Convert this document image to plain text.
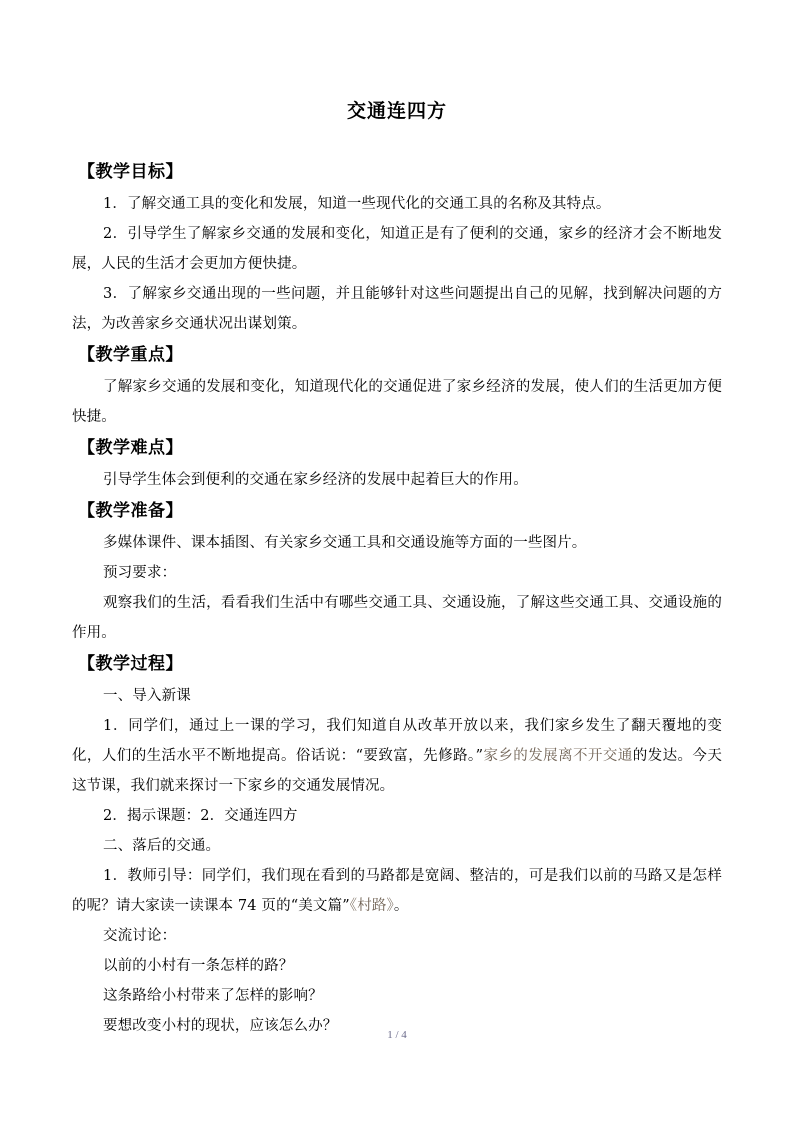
交通连四方
【教学目标】
1．了解交通工具的变化和发展，知道一些现代化的交通工具的名称及其特点。
2．引导学生了解家乡交通的发展和变化，知道正是有了便利的交通，家乡的经济才会不断地发展，人民的生活才会更加方便快捷。
3．了解家乡交通出现的一些问题，并且能够针对这些问题提出自己的见解，找到解决问题的方法，为改善家乡交通状况出谋划策。
【教学重点】
了解家乡交通的发展和变化，知道现代化的交通促进了家乡经济的发展，使人们的生活更加方便快捷。
【教学难点】
引导学生体会到便利的交通在家乡经济的发展中起着巨大的作用。
【教学准备】
多媒体课件、课本插图、有关家乡交通工具和交通设施等方面的一些图片。
预习要求：
观察我们的生活，看看我们生活中有哪些交通工具、交通设施，了解这些交通工具、交通设施的作用。
【教学过程】
一、导入新课
1．同学们，通过上一课的学习，我们知道自从改革开放以来，我们家乡发生了翻天覆地的变化，人们的生活水平不断地提高。俗话说：“要致富，先修路。”家乡的发展离不开交通的发达。今天这节课，我们就来探讨一下家乡的交通发展情况。
2．揭示课题：2．交通连四方
二、落后的交通。
1．教师引导：同学们，我们现在看到的马路都是宽阔、整洁的，可是我们以前的马路又是怎样的呢？请大家读一读课本 74 页的“美文篇”《村路》。
交流讨论：
以前的小村有一条怎样的路？
这条路给小村带来了怎样的影响？
要想改变小村的现状，应该怎么办？
1 / 4
